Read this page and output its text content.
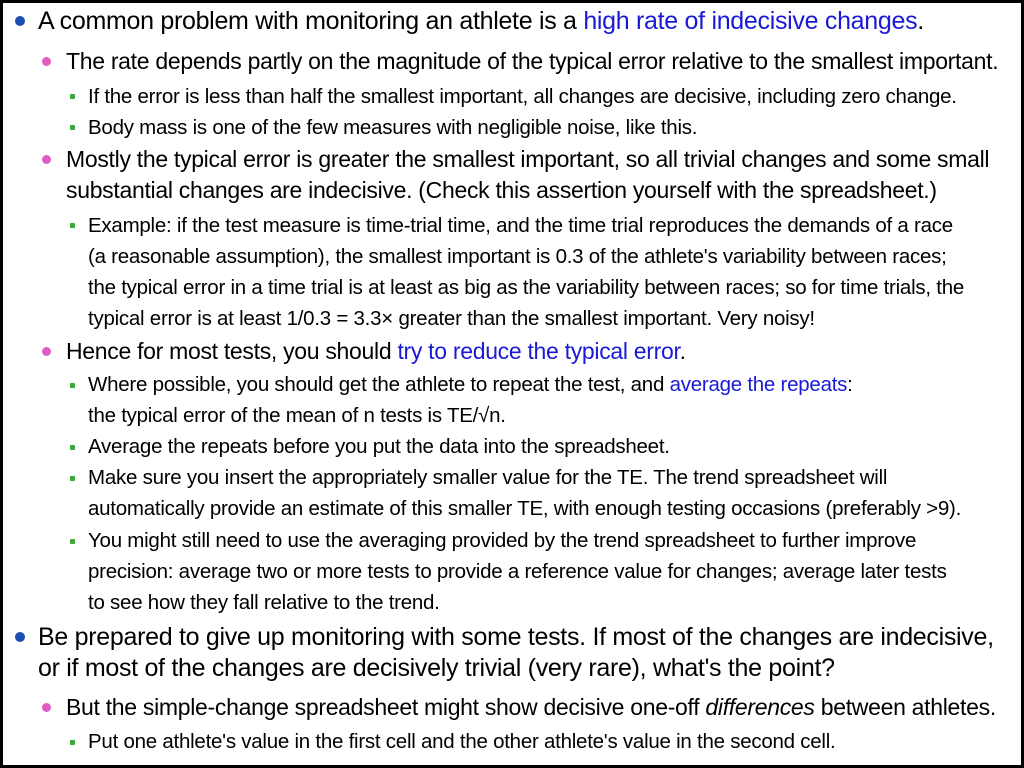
A common problem with monitoring an athlete is a high rate of indecisive changes.
The rate depends partly on the magnitude of the typical error relative to the smallest important.
If the error is less than half the smallest important, all changes are decisive, including zero change.
Body mass is one of the few measures with negligible noise, like this.
Mostly the typical error is greater the smallest important, so all trivial changes and some small
substantial changes are indecisive. (Check this assertion yourself with the spreadsheet.)
Example: if the test measure is time-trial time, and the time trial reproduces the demands of a race
(a reasonable assumption), the smallest important is 0.3 of the athlete's variability between races;
the typical error in a time trial is at least as big as the variability between races; so for time trials, the
typical error is at least 1/0.3 = 3.3× greater than the smallest important. Very noisy!
Hence for most tests, you should try to reduce the typical error.
Where possible, you should get the athlete to repeat the test, and average the repeats:
the typical error of the mean of n tests is TE/√n.
Average the repeats before you put the data into the spreadsheet.
Make sure you insert the appropriately smaller value for the TE. The trend spreadsheet will
automatically provide an estimate of this smaller TE, with enough testing occasions (preferably >9).
You might still need to use the averaging provided by the trend spreadsheet to further improve
precision: average two or more tests to provide a reference value for changes; average later tests
to see how they fall relative to the trend.
Be prepared to give up monitoring with some tests. If most of the changes are indecisive,
or if most of the changes are decisively trivial (very rare), what's the point?
But the simple-change spreadsheet might show decisive one-off differences between athletes.
Put one athlete's value in the first cell and the other athlete's value in the second cell.
